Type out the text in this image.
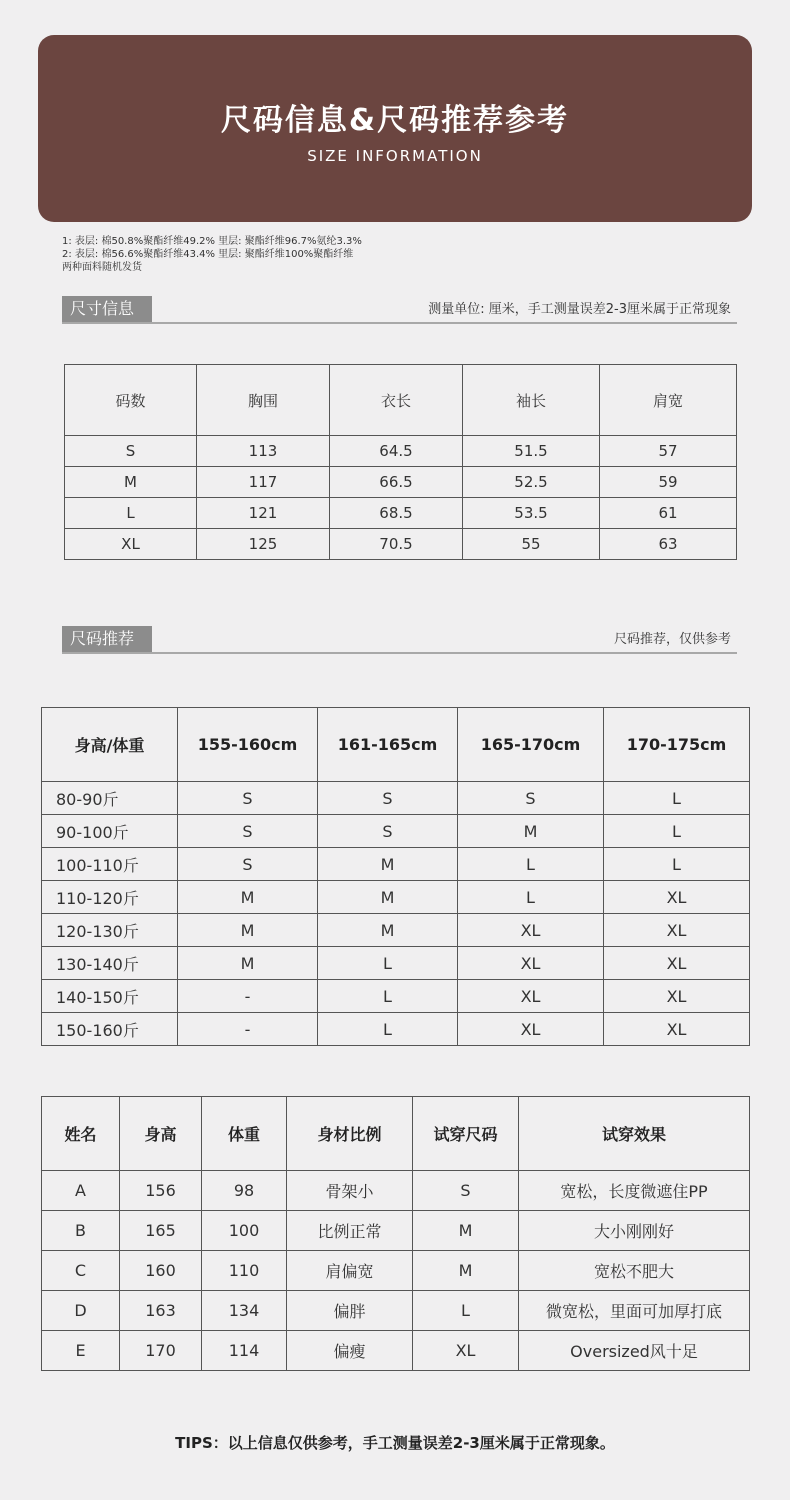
尺码信息&尺码推荐参考
SIZE INFORMATION
1: 表层: 棉50.8%聚酯纤维49.2% 里层: 聚酯纤维96.7%氨纶3.3%
2: 表层: 棉56.6%聚酯纤维43.4% 里层: 聚酯纤维100%聚酯纤维
两种面料随机发货
尺寸信息	测量单位: 厘米，手工测量误差2-3厘米属于正常现象
码数	胸围	衣长	袖长	肩宽
S	113	64.5	51.5	57
M	117	66.5	52.5	59
L	121	68.5	53.5	61
XL	125	70.5	55	63
尺码推荐	尺码推荐，仅供参考
身高/体重	155-160cm	161-165cm	165-170cm	170-175cm
80-90斤	S	S	S	L
90-100斤	S	S	M	L
100-110斤	S	M	L	L
110-120斤	M	M	L	XL
120-130斤	M	M	XL	XL
130-140斤	M	L	XL	XL
140-150斤	-	L	XL	XL
150-160斤	-	L	XL	XL
姓名	身高	体重	身材比例	试穿尺码	试穿效果
A	156	98	骨架小	S	宽松，长度微遮住PP
B	165	100	比例正常	M	大小刚刚好
C	160	110	肩偏宽	M	宽松不肥大
D	163	134	偏胖	L	微宽松，里面可加厚打底
E	170	114	偏瘦	XL	Oversized风十足
TIPS：以上信息仅供参考，手工测量误差2-3厘米属于正常现象。
